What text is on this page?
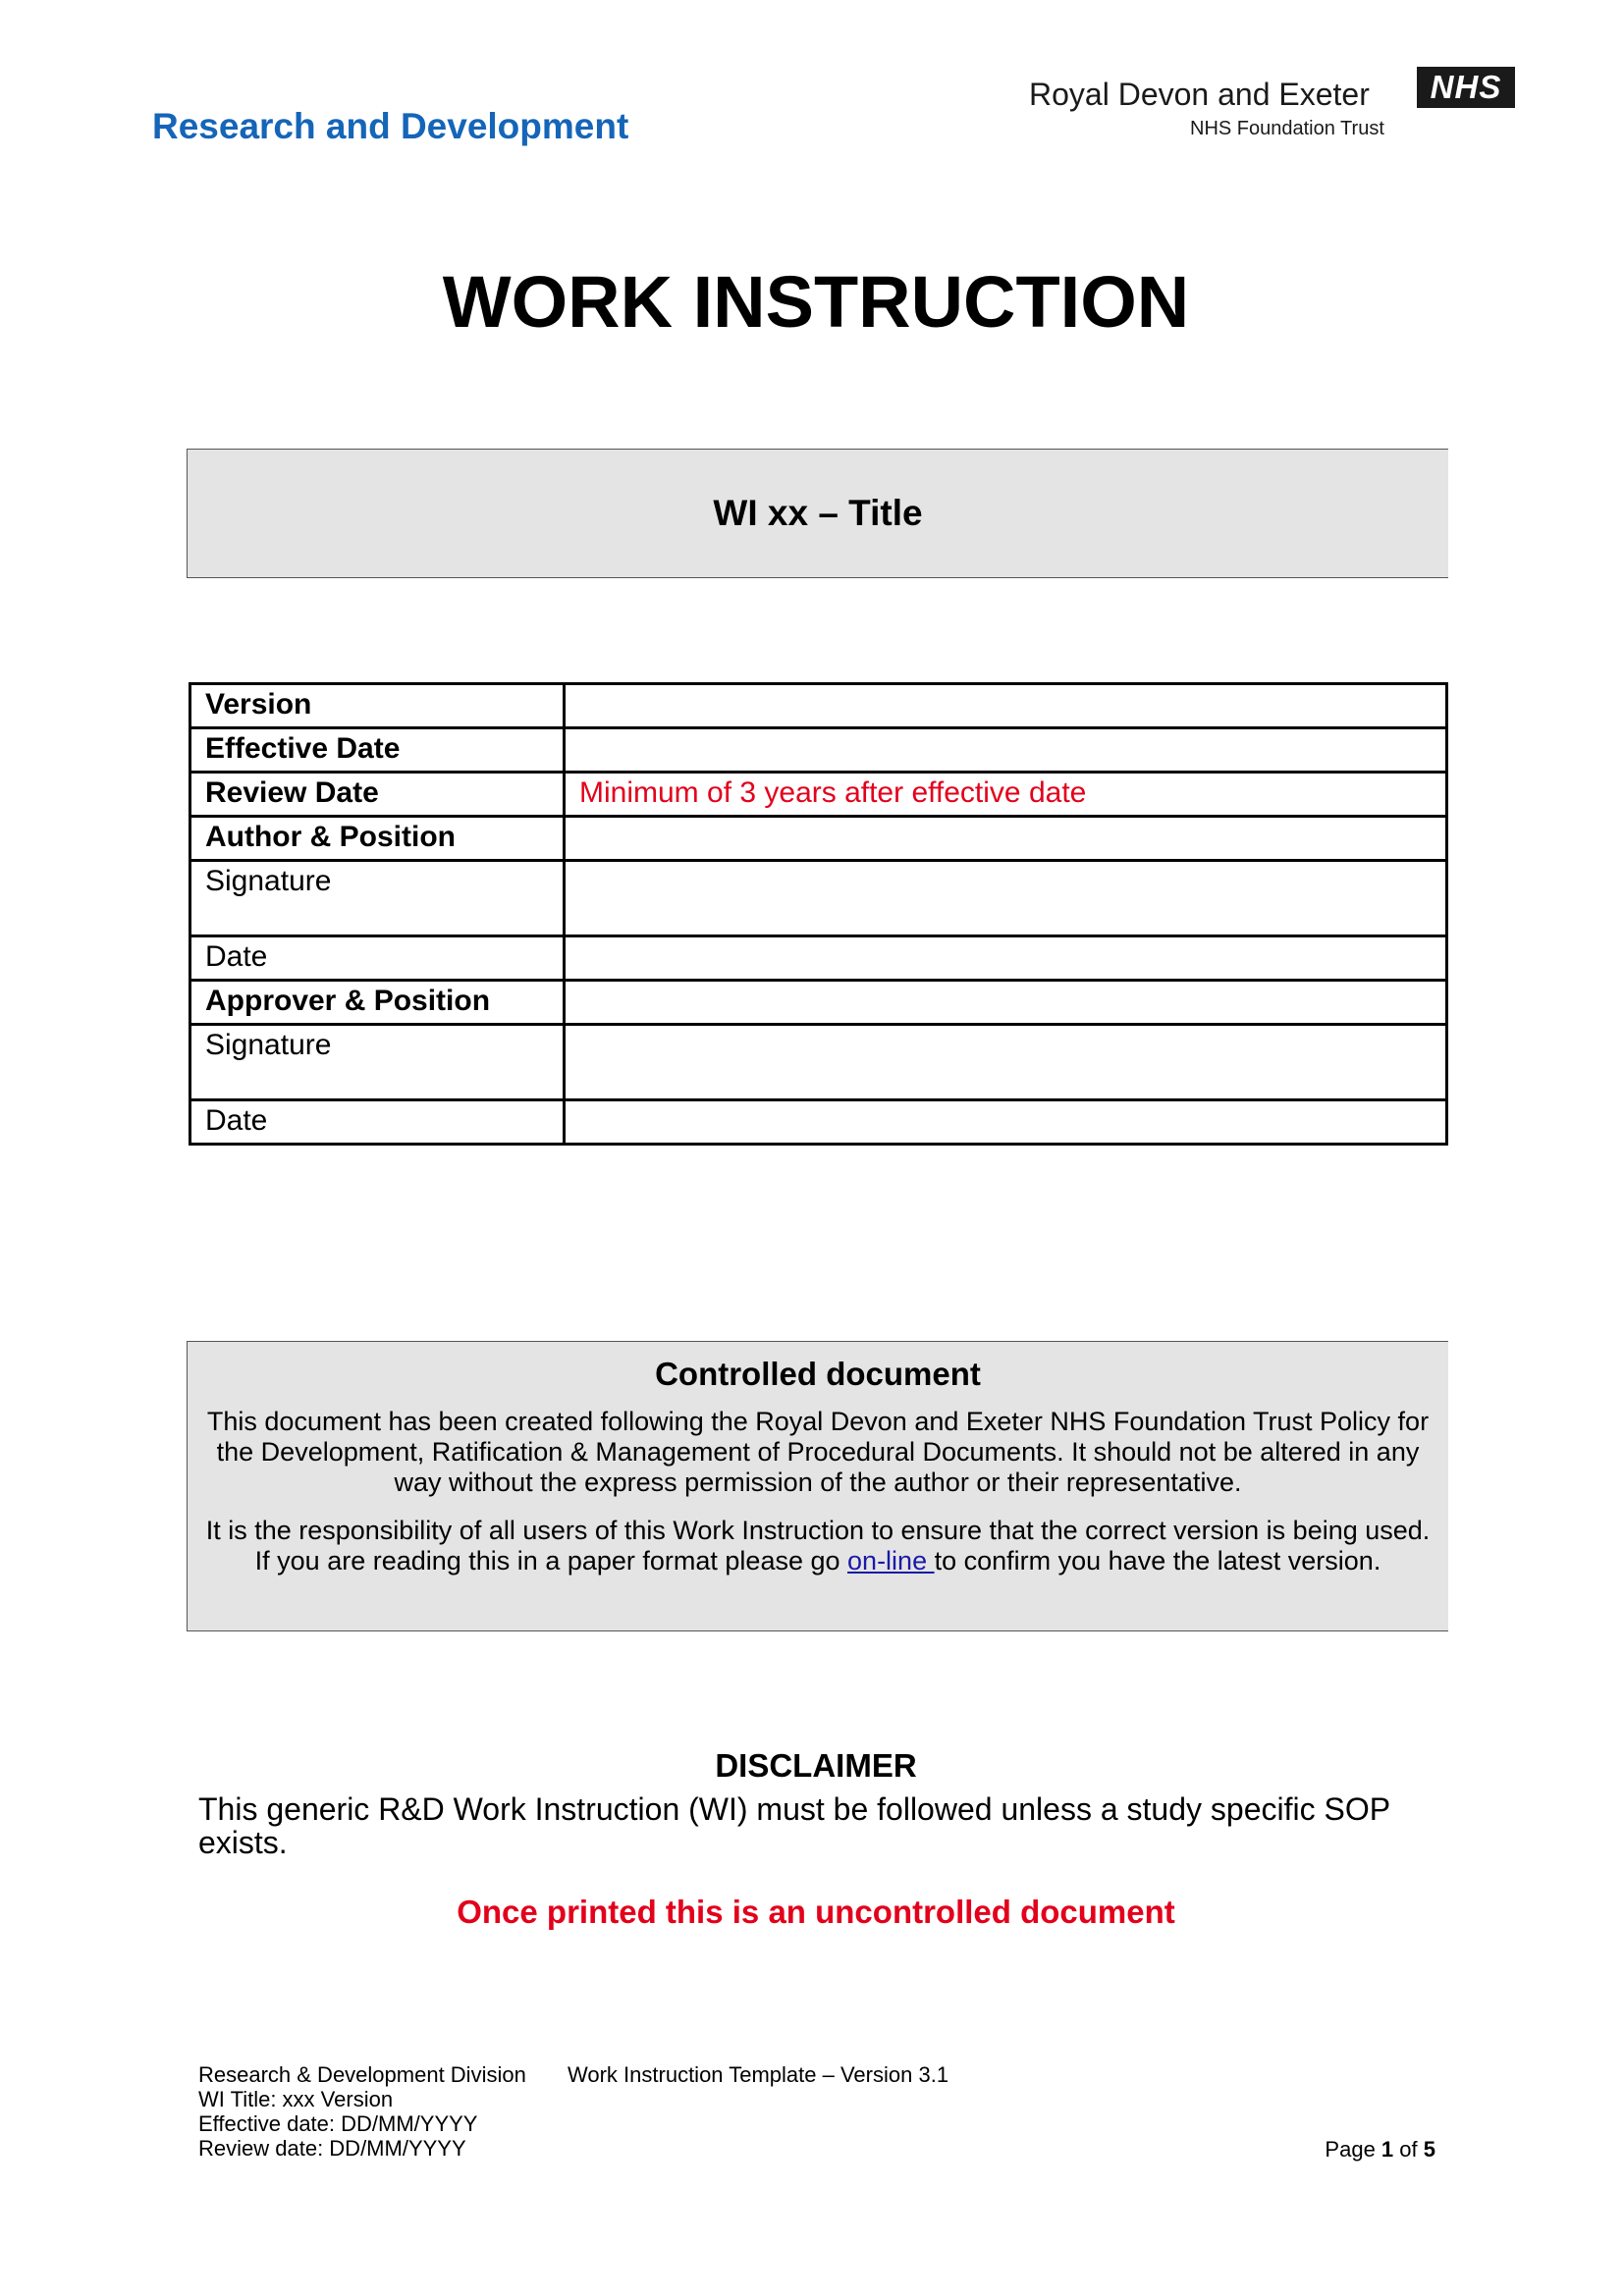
Research and Development
Royal Devon and Exeter
NHS Foundation Trust
NHS
WORK INSTRUCTION
WI xx – Title
Version	
Effective Date	
Review Date	Minimum of 3 years after effective date
Author & Position	
Signature	
Date	
Approver & Position	
Signature	
Date	
Controlled document
This document has been created following the Royal Devon and Exeter NHS Foundation Trust Policy for the Development, Ratification & Management of Procedural Documents. It should not be altered in any way without the express permission of the author or their representative.
It is the responsibility of all users of this Work Instruction to ensure that the correct version is being used. If you are reading this in a paper format please go on-line to confirm you have the latest version.
DISCLAIMER
This generic R&D Work Instruction (WI) must be followed unless a study specific SOP exists.
Once printed this is an uncontrolled document
Research & Development Division
WI Title: xxx Version
Effective date: DD/MM/YYYY
Review date: DD/MM/YYYY
Work Instruction Template – Version 3.1
Page 1 of 5
